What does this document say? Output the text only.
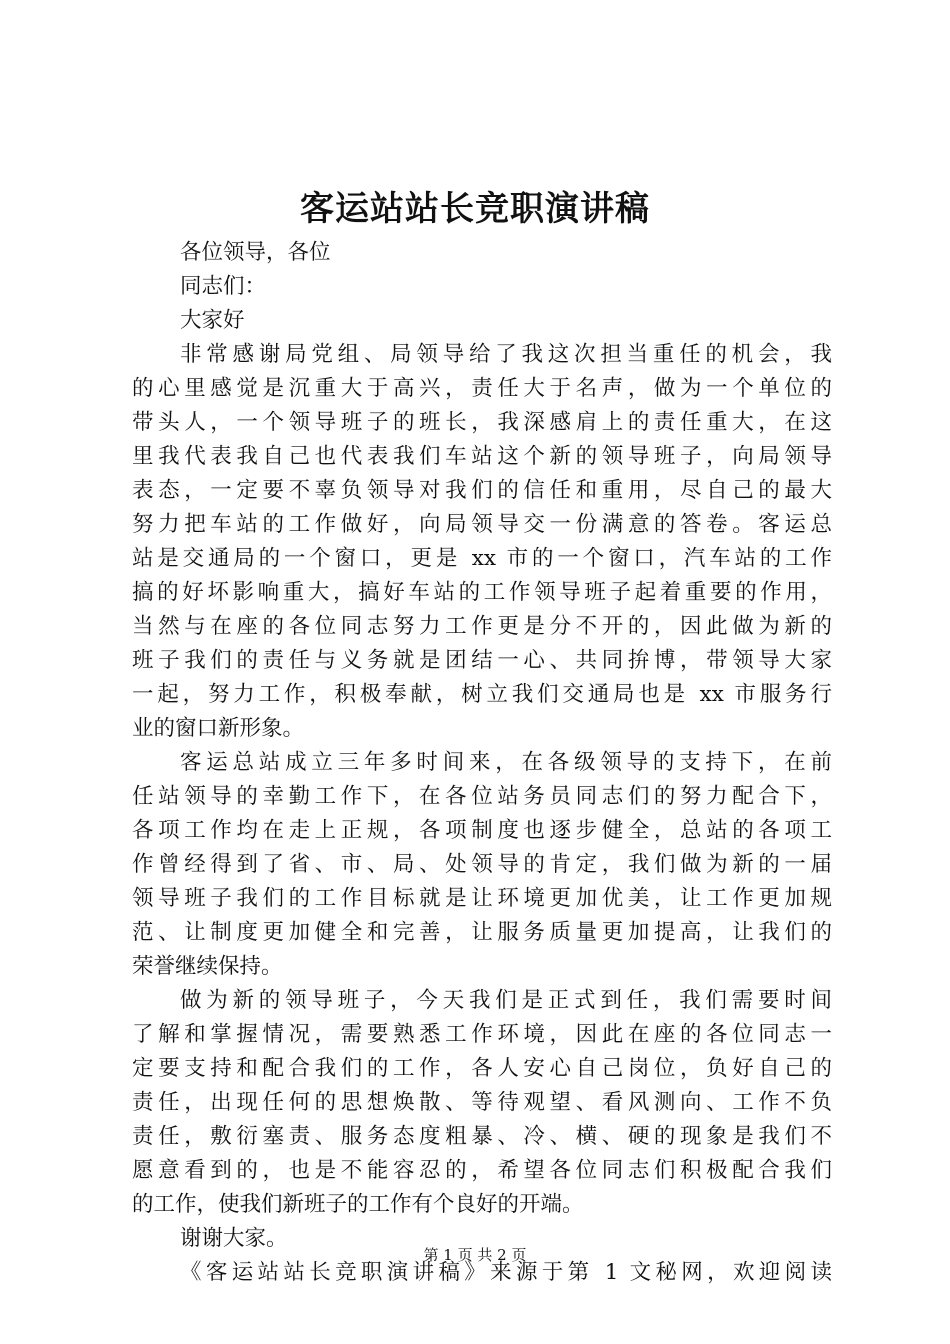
客运站站长竞职演讲稿
各位领导，各位
同志们：
大家好
非常感谢局党组、局领导给了我这次担当重任的机会，我
的心里感觉是沉重大于高兴，责任大于名声，做为一个单位的
带头人，一个领导班子的班长，我深感肩上的责任重大，在这
里我代表我自己也代表我们车站这个新的领导班子，向局领导
表态，一定要不辜负领导对我们的信任和重用，尽自己的最大
努力把车站的工作做好，向局领导交一份满意的答卷。客运总
站是交通局的一个窗口，更是 xx 市的一个窗口，汽车站的工作
搞的好坏影响重大，搞好车站的工作领导班子起着重要的作用，
当然与在座的各位同志努力工作更是分不开的，因此做为新的
班子我们的责任与义务就是团结一心、共同拚博，带领导大家
一起，努力工作，积极奉献，树立我们交通局也是 xx 市服务行
业的窗口新形象。
客运总站成立三年多时间来，在各级领导的支持下，在前
任站领导的幸勤工作下，在各位站务员同志们的努力配合下，
各项工作均在走上正规，各项制度也逐步健全，总站的各项工
作曾经得到了省、市、局、处领导的肯定，我们做为新的一届
领导班子我们的工作目标就是让环境更加优美，让工作更加规
范、让制度更加健全和完善，让服务质量更加提高，让我们的
荣誉继续保持。
做为新的领导班子，今天我们是正式到任，我们需要时间
了解和掌握情况，需要熟悉工作环境，因此在座的各位同志一
定要支持和配合我们的工作，各人安心自己岗位，负好自己的
责任，出现任何的思想焕散、等待观望、看风测向、工作不负
责任，敷衍塞责、服务态度粗暴、冷、横、硬的现象是我们不
愿意看到的，也是不能容忍的，希望各位同志们积极配合我们
的工作，使我们新班子的工作有个良好的开端。
谢谢大家。
《客运站站长竞职演讲稿》来源于第 1 文秘网，欢迎阅读
第 1 页 共 2 页
